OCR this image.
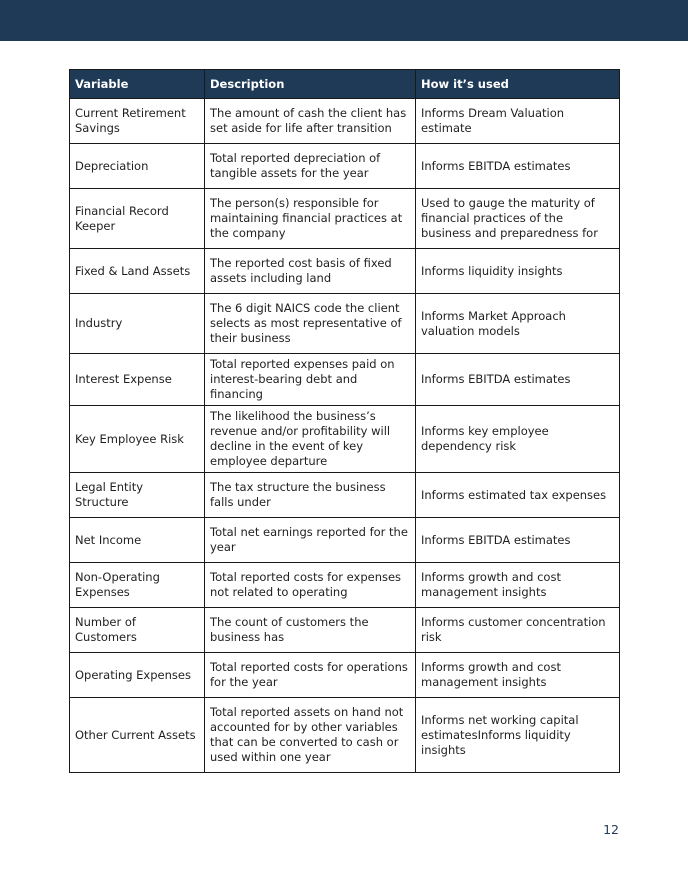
Variable	Description	How it’s used
Current Retirement Savings	The amount of cash the client has set aside for life after transition	Informs Dream Valuation estimate
Depreciation	Total reported depreciation of tangible assets for the year	Informs EBITDA estimates
Financial Record Keeper	The person(s) responsible for maintaining financial practices at the company	Used to gauge the maturity of financial practices of the business and preparedness for
Fixed & Land Assets	The reported cost basis of fixed assets including land	Informs liquidity insights
Industry	The 6 digit NAICS code the client selects as most representative of their business	Informs Market Approach valuation models
Interest Expense	Total reported expenses paid on interest-bearing debt and financing	Informs EBITDA estimates
Key Employee Risk	The likelihood the business’s revenue and/or profitability will decline in the event of key employee departure	Informs key employee dependency risk
Legal Entity Structure	The tax structure the business falls under	Informs estimated tax expenses
Net Income	Total net earnings reported for the year	Informs EBITDA estimates
Non-Operating Expenses	Total reported costs for expenses not related to operating	Informs growth and cost management insights
Number of Customers	The count of customers the business has	Informs customer concentration risk
Operating Expenses	Total reported costs for operations for the year	Informs growth and cost management insights
Other Current Assets	Total reported assets on hand not accounted for by other variables that can be converted to cash or used within one year	Informs net working capital estimatesInforms liquidity insights
12
